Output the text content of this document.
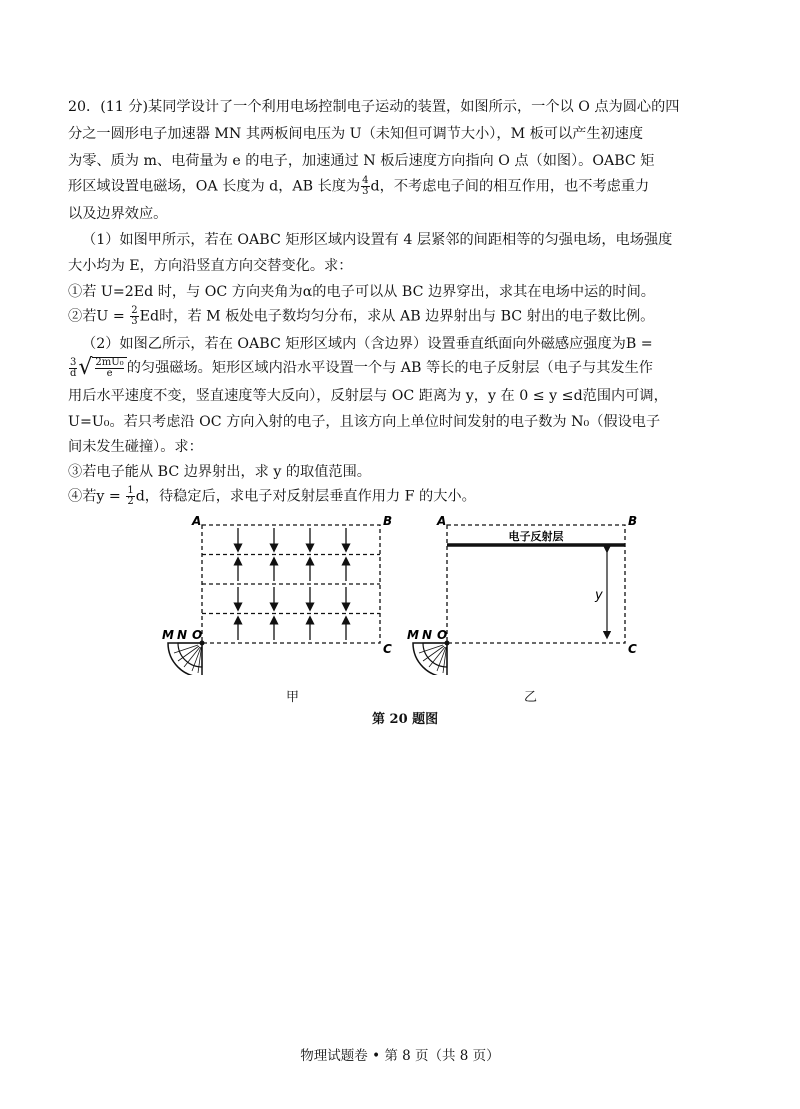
20．(11 分)某同学设计了一个利用电场控制电子运动的装置，如图所示，一个以 O 点为圆心的四
分之一圆形电子加速器 MN 其两板间电压为 U（未知但可调节大小），M 板可以产生初速度
为零、质为 m、电荷量为 e 的电子，加速通过 N 板后速度方向指向 O 点（如图）。OABC 矩
形区域设置电磁场，OA 长度为 d，AB 长度为 $\frac{4}{3}$ d，不考虑电子间的相互作用，也不考虑重力
以及边界效应。
（1）如图甲所示，若在 OABC 矩形区域内设置有 4 层紧邻的间距相等的匀强电场，电场强度
大小均为 E，方向沿竖直方向交替变化。求：
①若 U=2Ed 时，与 OC 方向夹角为α的电子可以从 BC 边界穿出，求其在电场中运的时间。
②若$U = \frac{2}{3}$ Ed时，若 M 板处电子数均匀分布，求从 AB 边界射出与 BC 射出的电子数比例。
（2）如图乙所示，若在 OABC 矩形区域内（含边界）设置垂直纸面向外磁感应强度为B =
$\frac{3}{d}$ √ $\frac{\text{2mU₀}}{e}$ 的匀强磁场。矩形区域内沿水平设置一个与 AB 等长的电子反射层（电子与其发生作
用后水平速度不变，竖直速度等大反向），反射层与 OC 距离为 y，y 在 0 ≤ y ≤d范围内可调，
U=U₀。若只考虑沿 OC 方向入射的电子，且该方向上单位时间发射的电子数为 N₀（假设电子
间未发生碰撞）。求：
③若电子能从 BC 边界射出，求 y 的取值范围。
④若$y = \frac{1}{2}$ d，待稳定后，求电子对反射层垂直作用力 F 的大小。
A	B
C
O
M N
电子反射层
y
A	B
C
O
M N
甲	乙
第 20 题图
物理试题卷 • 第 8 页（共 8 页）
